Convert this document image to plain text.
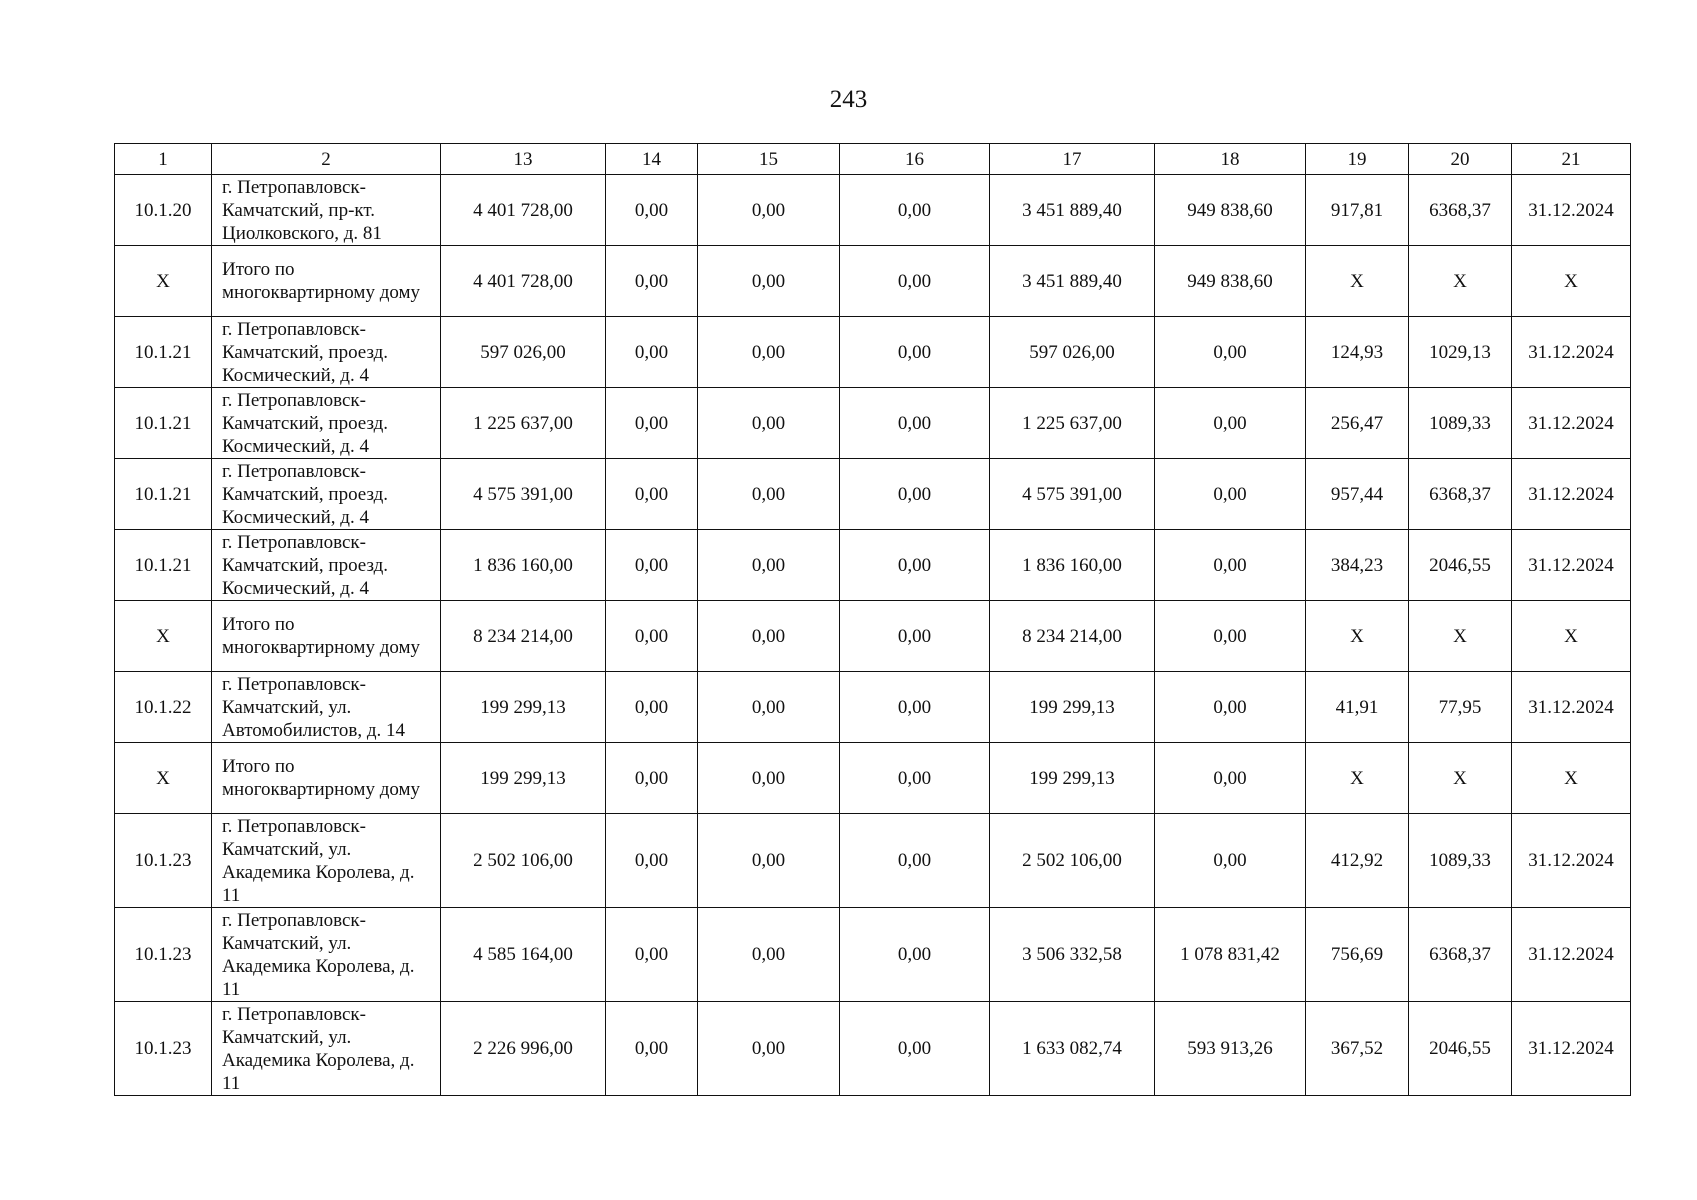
243
1	2	13	14	15	16	17	18	19	20	21
10.1.20	г. Петропавловск-Камчатский, пр-кт. Циолковского, д. 81	4 401 728,00	0,00	0,00	0,00	3 451 889,40	949 838,60	917,81	6368,37	31.12.2024
X	Итого по многоквартирному дому	4 401 728,00	0,00	0,00	0,00	3 451 889,40	949 838,60	X	X	X
10.1.21	г. Петропавловск-Камчатский, проезд. Космический, д. 4	597 026,00	0,00	0,00	0,00	597 026,00	0,00	124,93	1029,13	31.12.2024
10.1.21	г. Петропавловск-Камчатский, проезд. Космический, д. 4	1 225 637,00	0,00	0,00	0,00	1 225 637,00	0,00	256,47	1089,33	31.12.2024
10.1.21	г. Петропавловск-Камчатский, проезд. Космический, д. 4	4 575 391,00	0,00	0,00	0,00	4 575 391,00	0,00	957,44	6368,37	31.12.2024
10.1.21	г. Петропавловск-Камчатский, проезд. Космический, д. 4	1 836 160,00	0,00	0,00	0,00	1 836 160,00	0,00	384,23	2046,55	31.12.2024
X	Итого по многоквартирному дому	8 234 214,00	0,00	0,00	0,00	8 234 214,00	0,00	X	X	X
10.1.22	г. Петропавловск-Камчатский, ул. Автомобилистов, д. 14	199 299,13	0,00	0,00	0,00	199 299,13	0,00	41,91	77,95	31.12.2024
X	Итого по многоквартирному дому	199 299,13	0,00	0,00	0,00	199 299,13	0,00	X	X	X
10.1.23	г. Петропавловск-Камчатский, ул. Академика Королева, д. 11	2 502 106,00	0,00	0,00	0,00	2 502 106,00	0,00	412,92	1089,33	31.12.2024
10.1.23	г. Петропавловск-Камчатский, ул. Академика Королева, д. 11	4 585 164,00	0,00	0,00	0,00	3 506 332,58	1 078 831,42	756,69	6368,37	31.12.2024
10.1.23	г. Петропавловск-Камчатский, ул. Академика Королева, д. 11	2 226 996,00	0,00	0,00	0,00	1 633 082,74	593 913,26	367,52	2046,55	31.12.2024
